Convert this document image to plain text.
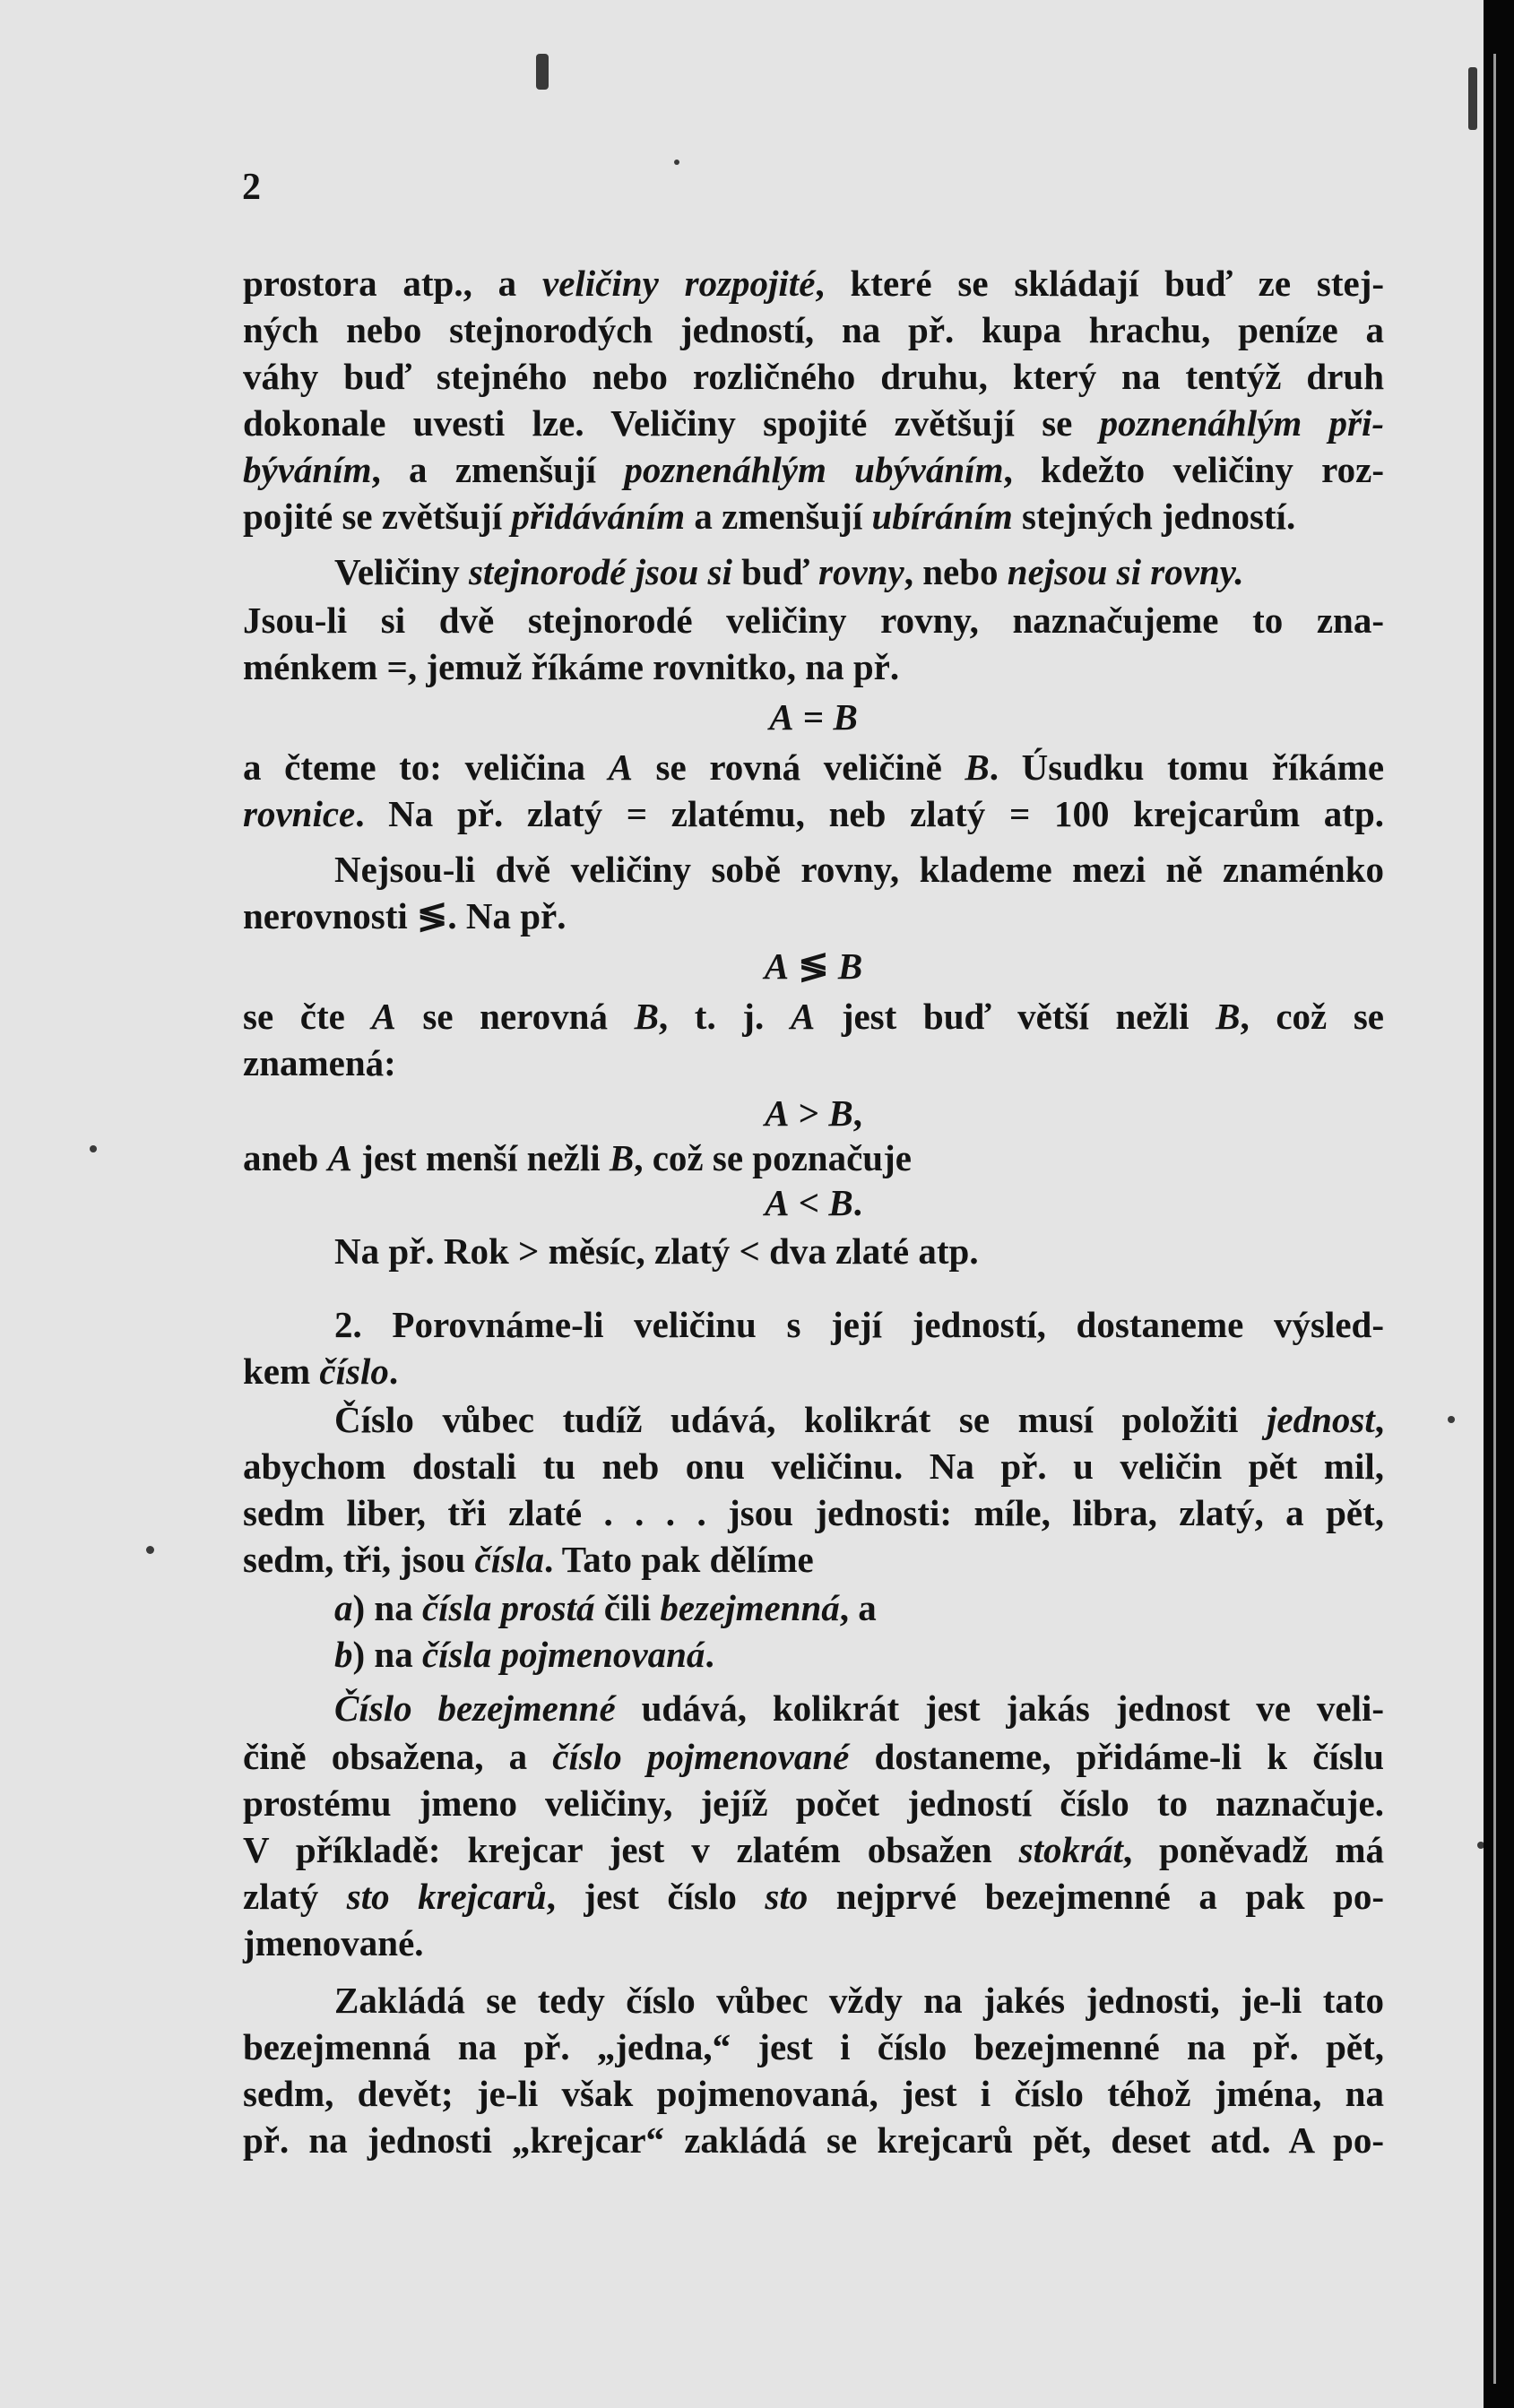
2
prostora atp., a veličiny rozpojité, které se skládají buď ze stej-
ných nebo stejnorodých jedností, na př. kupa hrachu, peníze a
váhy buď stejného nebo rozličného druhu, který na tentýž druh
dokonale uvesti lze. Veličiny spojité zvětšují se poznenáhlým při-
býváním, a zmenšují poznenáhlým ubýváním, kdežto veličiny roz-
pojité se zvětšují přidáváním a zmenšují ubíráním stejných jedností.
Veličiny stejnorodé jsou si buď rovny, nebo nejsou si rovny.
Jsou-li si dvě stejnorodé veličiny rovny, naznačujeme to zna-
ménkem =, jemuž říkáme rovnitko, na př.
A = B
a čteme to: veličina A se rovná veličině B. Úsudku tomu říkáme
rovnice. Na př. zlatý = zlatému, neb zlatý = 100 krejcarům atp.
Nejsou-li dvě veličiny sobě rovny, klademe mezi ně znaménko
nerovnosti ≶. Na př.
A ≶ B
se čte A se nerovná B, t. j. A jest buď větší nežli B, což se
znamená:
A > B,
aneb A jest menší nežli B, což se poznačuje
A < B.
Na př. Rok > měsíc, zlatý < dva zlaté atp.
2. Porovnáme-li veličinu s její jedností, dostaneme výsled-
kem číslo.
Číslo vůbec tudíž udává, kolikrát se musí položiti jednost,
abychom dostali tu neb onu veličinu. Na př. u veličin pět mil,
sedm liber, tři zlaté . . . . jsou jednosti: míle, libra, zlatý, a pět,
sedm, tři, jsou čísla. Tato pak dělíme
a) na čísla prostá čili bezejmenná, a
b) na čísla pojmenovaná.
Číslo bezejmenné udává, kolikrát jest jakás jednost ve veli-
čině obsažena, a číslo pojmenované dostaneme, přidáme-li k číslu
prostému jmeno veličiny, jejíž počet jedností číslo to naznačuje.
V příkladě: krejcar jest v zlatém obsažen stokrát, poněvadž má
zlatý sto krejcarů, jest číslo sto nejprvé bezejmenné a pak po-
jmenované.
Zakládá se tedy číslo vůbec vždy na jakés jednosti, je-li tato
bezejmenná na př. „jedna,“ jest i číslo bezejmenné na př. pět,
sedm, devět; je-li však pojmenovaná, jest i číslo téhož jména, na
př. na jednosti „krejcar“ zakládá se krejcarů pět, deset atd. A po-
